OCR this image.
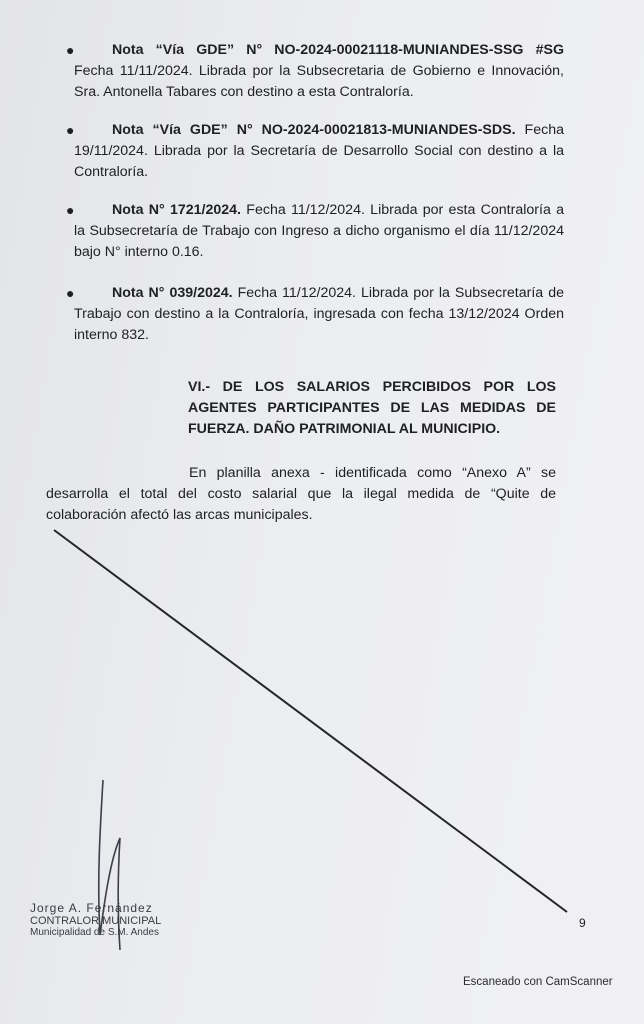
●	Nota “Vía GDE” N° NO-2024-00021118-MUNIANDES-SSG #SG Fecha 11/11/2024. Librada por la Subsecretaria de Gobierno e Innovación, Sra. Antonella Tabares con destino a esta Contraloría.
●	Nota “Vía GDE” N° NO-2024-00021813-MUNIANDES-SDS. Fecha 19/11/2024. Librada por la Secretaría de Desarrollo Social con destino a la Contraloría.
●	Nota N° 1721/2024. Fecha 11/12/2024. Librada por esta Contraloría a la Subsecretaría de Trabajo con Ingreso a dicho organismo el día 11/12/2024 bajo N° interno 0.16.
●	Nota N° 039/2024. Fecha 11/12/2024. Librada por la Subsecretaría de Trabajo con destino a la Contraloría, ingresada con fecha 13/12/2024 Orden interno 832.
VI.- DE LOS SALARIOS PERCIBIDOS POR LOS AGENTES PARTICIPANTES DE LAS MEDIDAS DE FUERZA. DAÑO PATRIMONIAL AL MUNICIPIO.
En planilla anexa - identificada como “Anexo A” se desarrolla el total del costo salarial que la ilegal medida de “Quite de colaboración afectó las arcas municipales.
Jorge A. Fernández
CONTRALOR MUNICIPAL
Municipalidad de S.M. Andes
9
Escaneado con CamScanner
